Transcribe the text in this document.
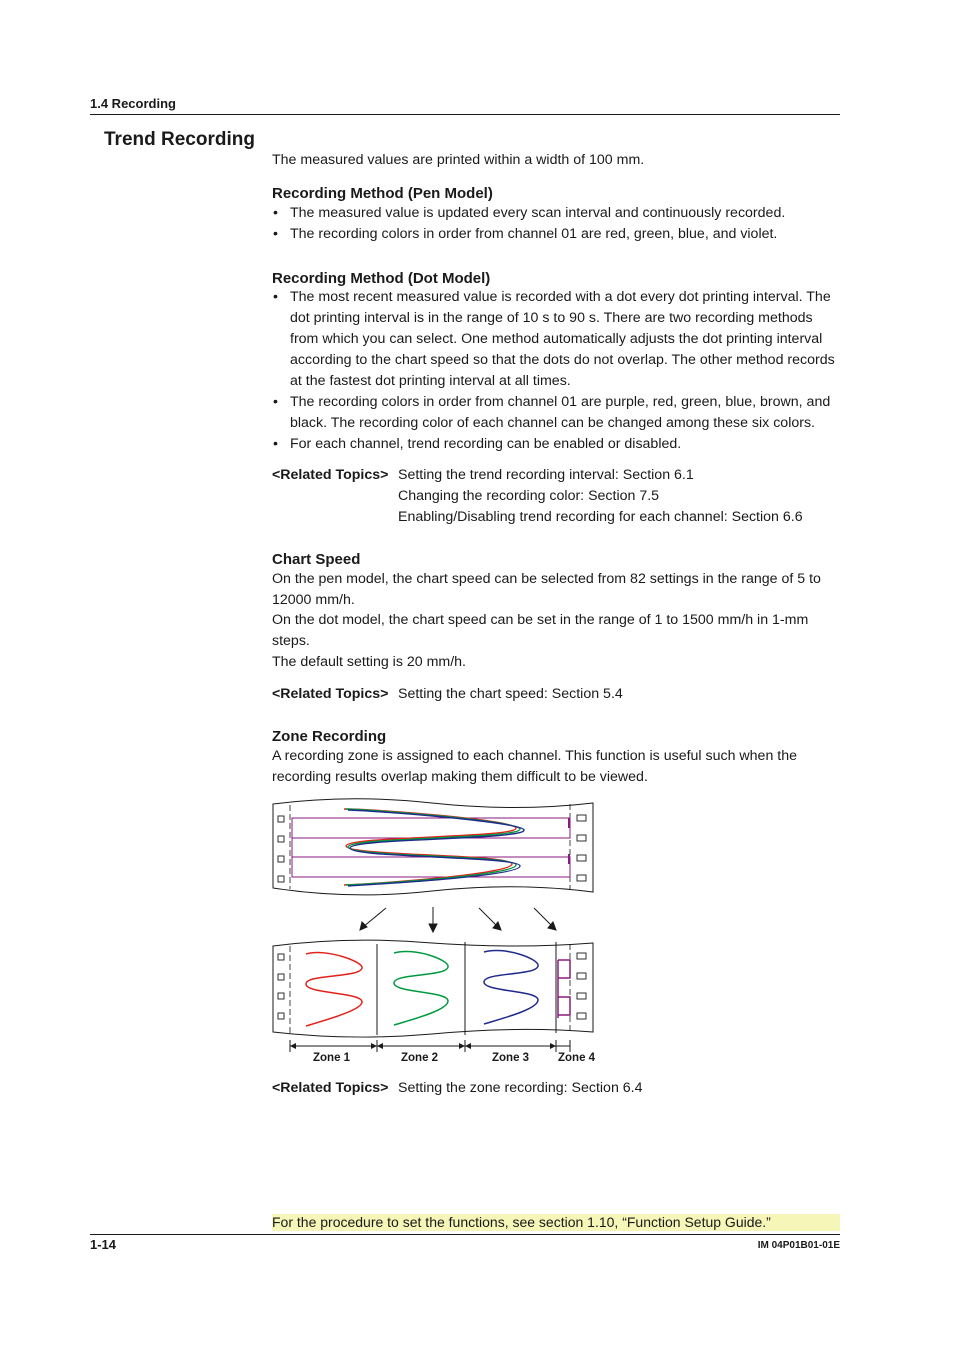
1.4 Recording
Trend Recording
The measured values are printed within a width of 100 mm.
Recording Method (Pen Model)
• The measured value is updated every scan interval and continuously recorded.
• The recording colors in order from channel 01 are red, green, blue, and violet.
Recording Method (Dot Model)
• The most recent measured value is recorded with a dot every dot printing interval. The dot printing interval is in the range of 10 s to 90 s. There are two recording methods from which you can select. One method automatically adjusts the dot printing interval according to the chart speed so that the dots do not overlap. The other method records at the fastest dot printing interval at all times.
• The recording colors in order from channel 01 are purple, red, green, blue, brown, and black. The recording color of each channel can be changed among these six colors.
• For each channel, trend recording can be enabled or disabled.
<Related Topics> Setting the trend recording interval: Section 6.1
Changing the recording color: Section 7.5
Enabling/Disabling trend recording for each channel: Section 6.6
Chart Speed
On the pen model, the chart speed can be selected from 82 settings in the range of 5 to 12000 mm/h.
On the dot model, the chart speed can be set in the range of 1 to 1500 mm/h in 1-mm steps.
The default setting is 20 mm/h.
<Related Topics> Setting the chart speed: Section 5.4
Zone Recording
A recording zone is assigned to each channel. This function is useful such when the recording results overlap making them difficult to be viewed.
Zone 1	Zone 2	Zone 3	Zone 4
<Related Topics> Setting the zone recording: Section 6.4
For the procedure to set the functions, see section 1.10, “Function Setup Guide.”
1-14	IM 04P01B01-01E
